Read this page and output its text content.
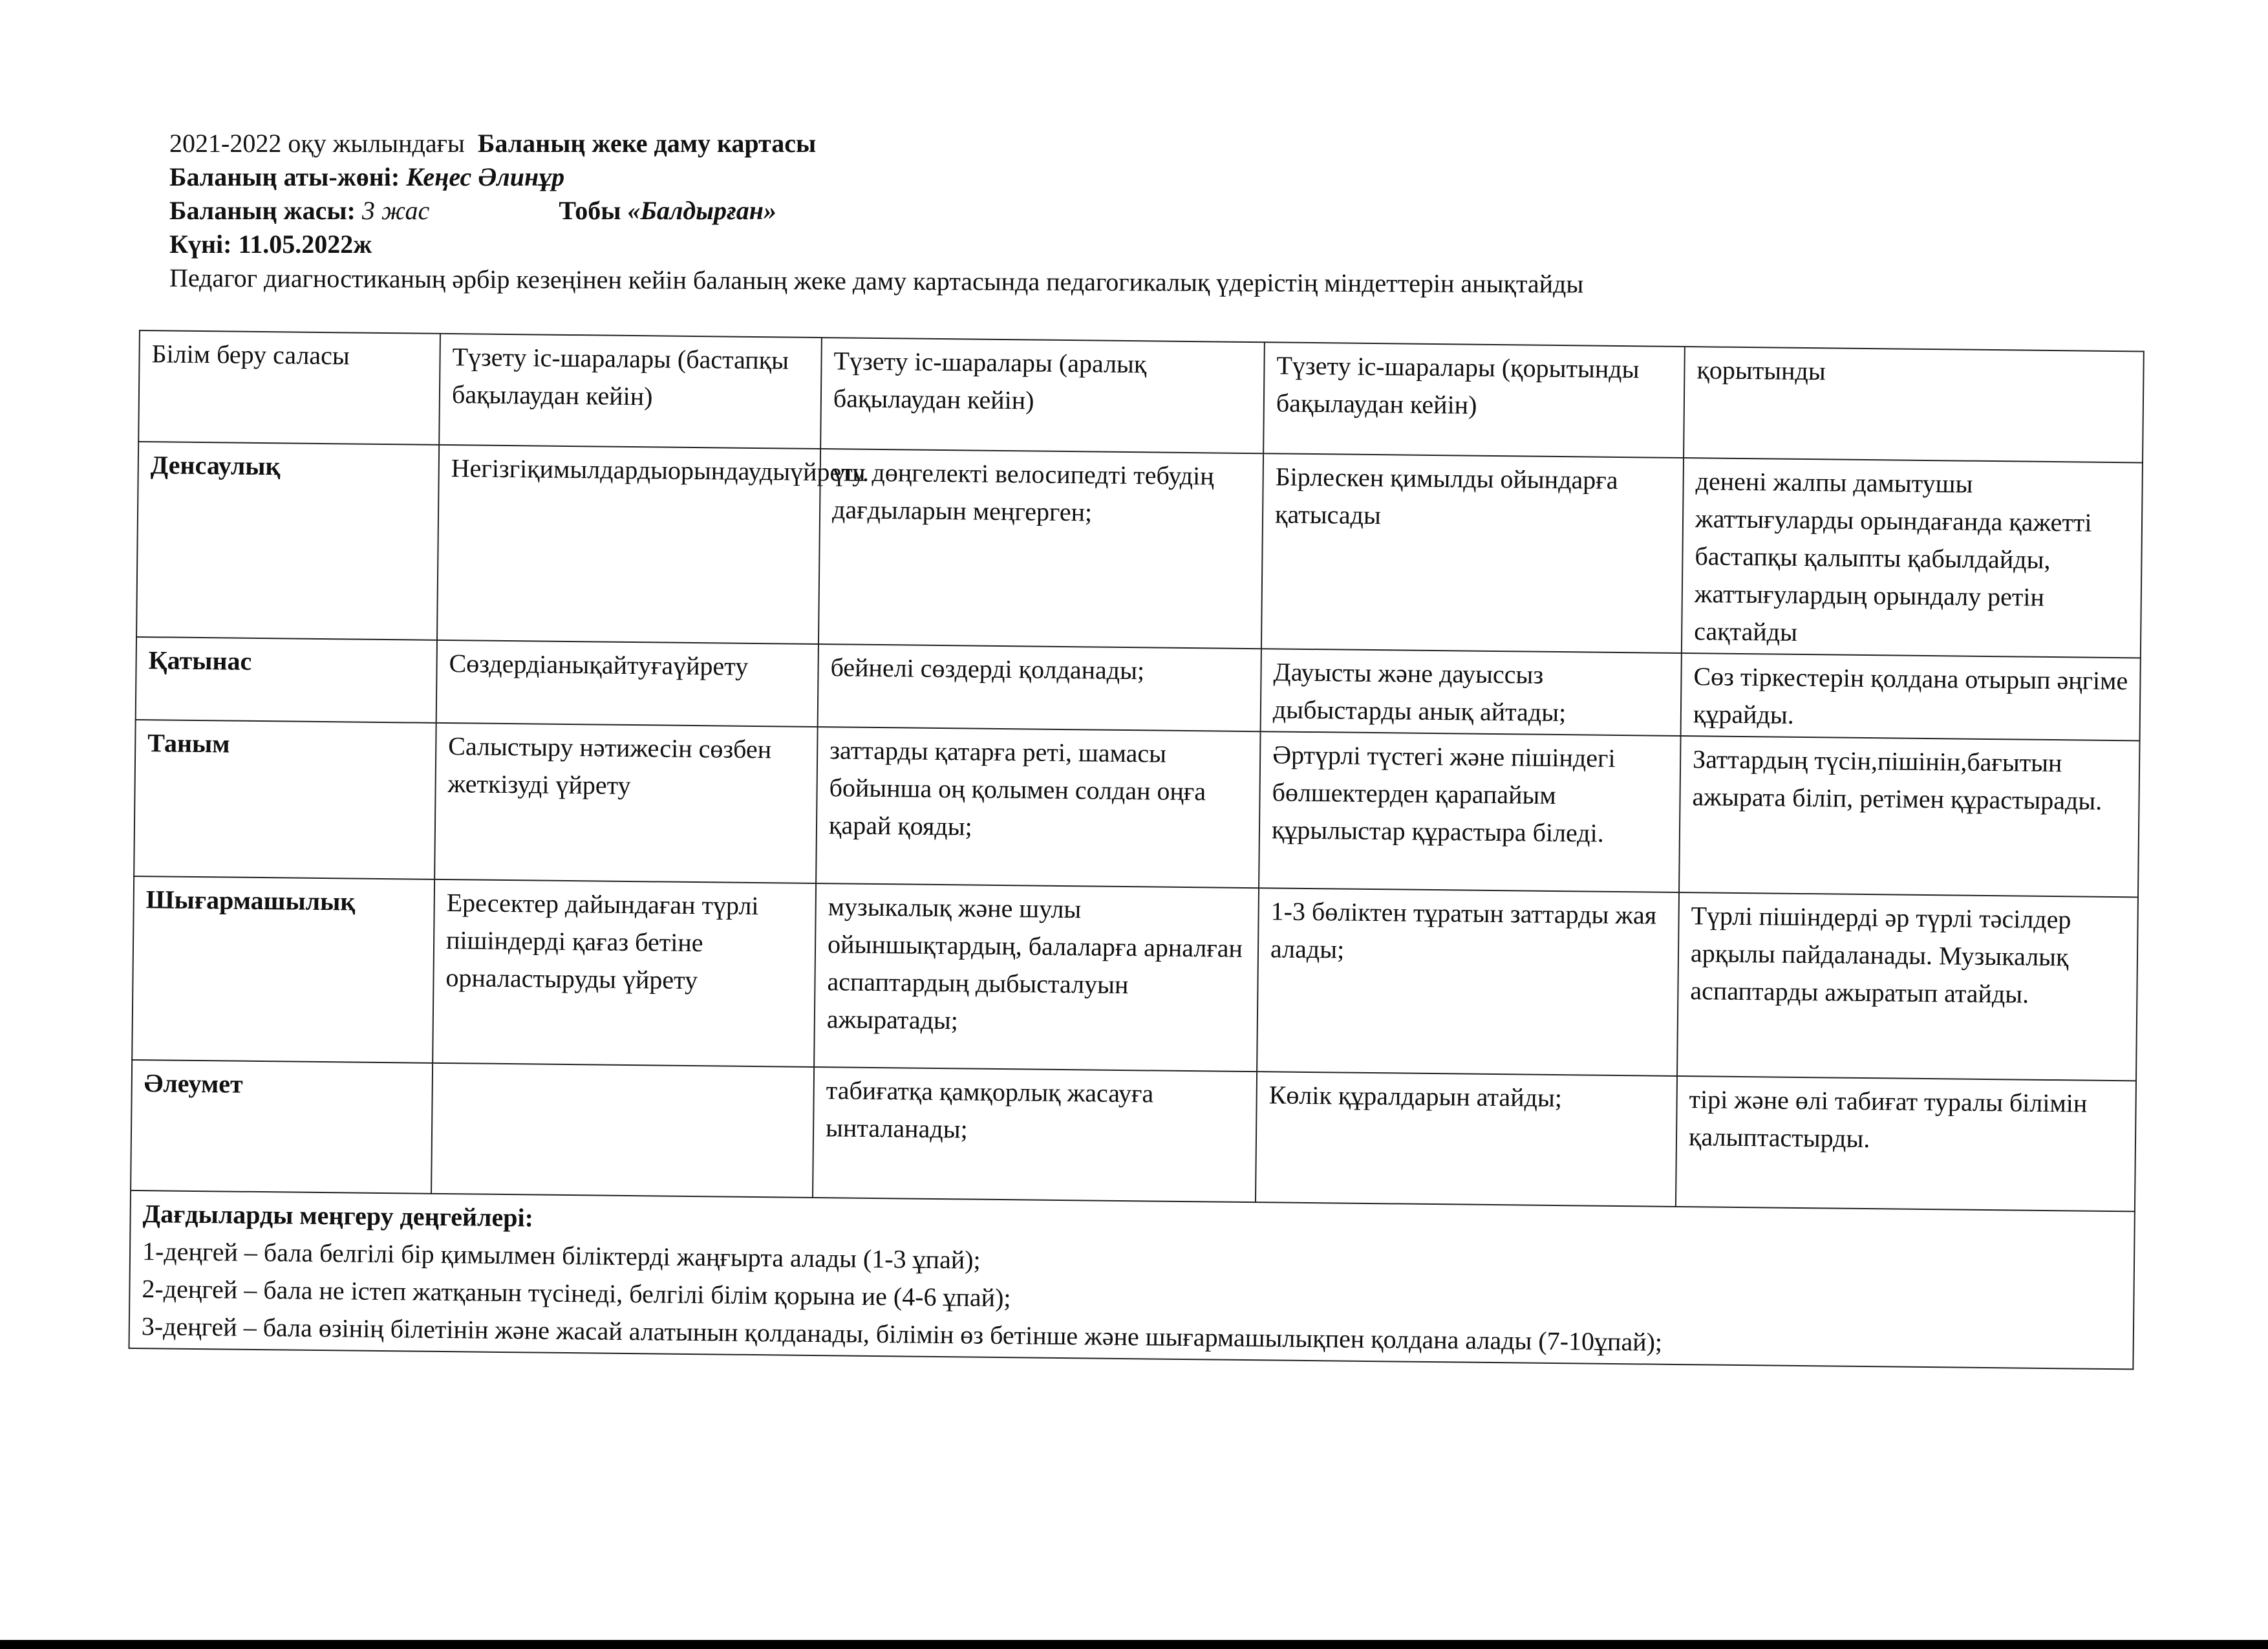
2021-2022 оқу жылындағы Баланың жеке даму картасы
Баланың аты-жөні: Кеңес Әлинұр
Баланың жасы: 3 жас	Тобы «Балдырған»
Күні: 11.05.2022ж
Педагог диагностиканың әрбір кезеңінен кейін баланың жеке даму картасында педагогикалық үдерістің міндеттерін анықтайды
Білім беру саласы	Түзету іс-шаралары (бастапқы бақылаудан кейін)	Түзету іс-шаралары (аралық бақылаудан кейін)	Түзету іс-шаралары (қорытынды бақылаудан кейін)	қорытынды
Денсаулық	Негізгіқимылдардыорындаудыүйрету.	үш дөңгелекті велосипедті тебудің дағдыларын меңгерген;	Бірлескен қимылды ойындарға қатысады	денені жалпы дамытушы жаттығуларды орындағанда қажетті бастапқы қалыпты қабылдайды, жаттығулардың орындалу ретін сақтайды
Қатынас	Сөздердіанықайтуғаүйрету	бейнелі сөздерді қолданады;	Дауысты және дауыссыз дыбыстарды анық айтады;	Сөз тіркестерін қолдана отырып әңгіме құрайды.
Таным	Салыстыру нәтижесін сөзбен жеткізуді үйрету	заттарды қатарға реті, шамасы бойынша оң қолымен солдан оңға қарай қояды;	Әртүрлі түстегі және пішіндегі бөлшектерден қарапайым құрылыстар құрастыра біледі.	Заттардың түсін,пішінін,бағытын ажырата біліп, ретімен құрастырады.
Шығармашылық	Ересектер дайындаған түрлі пішіндерді қағаз бетіне орналастыруды үйрету	музыкалық және шулы ойыншықтардың, балаларға арналған аспаптардың дыбысталуын ажыратады;	1-3 бөліктен тұратын заттарды жая алады;	Түрлі пішіндерді әр түрлі тәсілдер арқылы пайдаланады. Музыкалық аспаптарды ажыратып атайды.
Әлеумет		табиғатқа қамқорлық жасауға ынталанады;	Көлік құралдарын атайды;	тірі және өлі табиғат туралы білімін қалыптастырды.

Дағдыларды меңгеру деңгейлері:
1-деңгей – бала белгілі бір қимылмен біліктерді жаңғырта алады (1-3 ұпай);
2-деңгей – бала не істеп жатқанын түсінеді, белгілі білім қорына ие (4-6 ұпай);
3-деңгей – бала өзінің білетінін және жасай алатынын қолданады, білімін өз бетінше және шығармашылықпен қолдана алады (7-10ұпай);				
